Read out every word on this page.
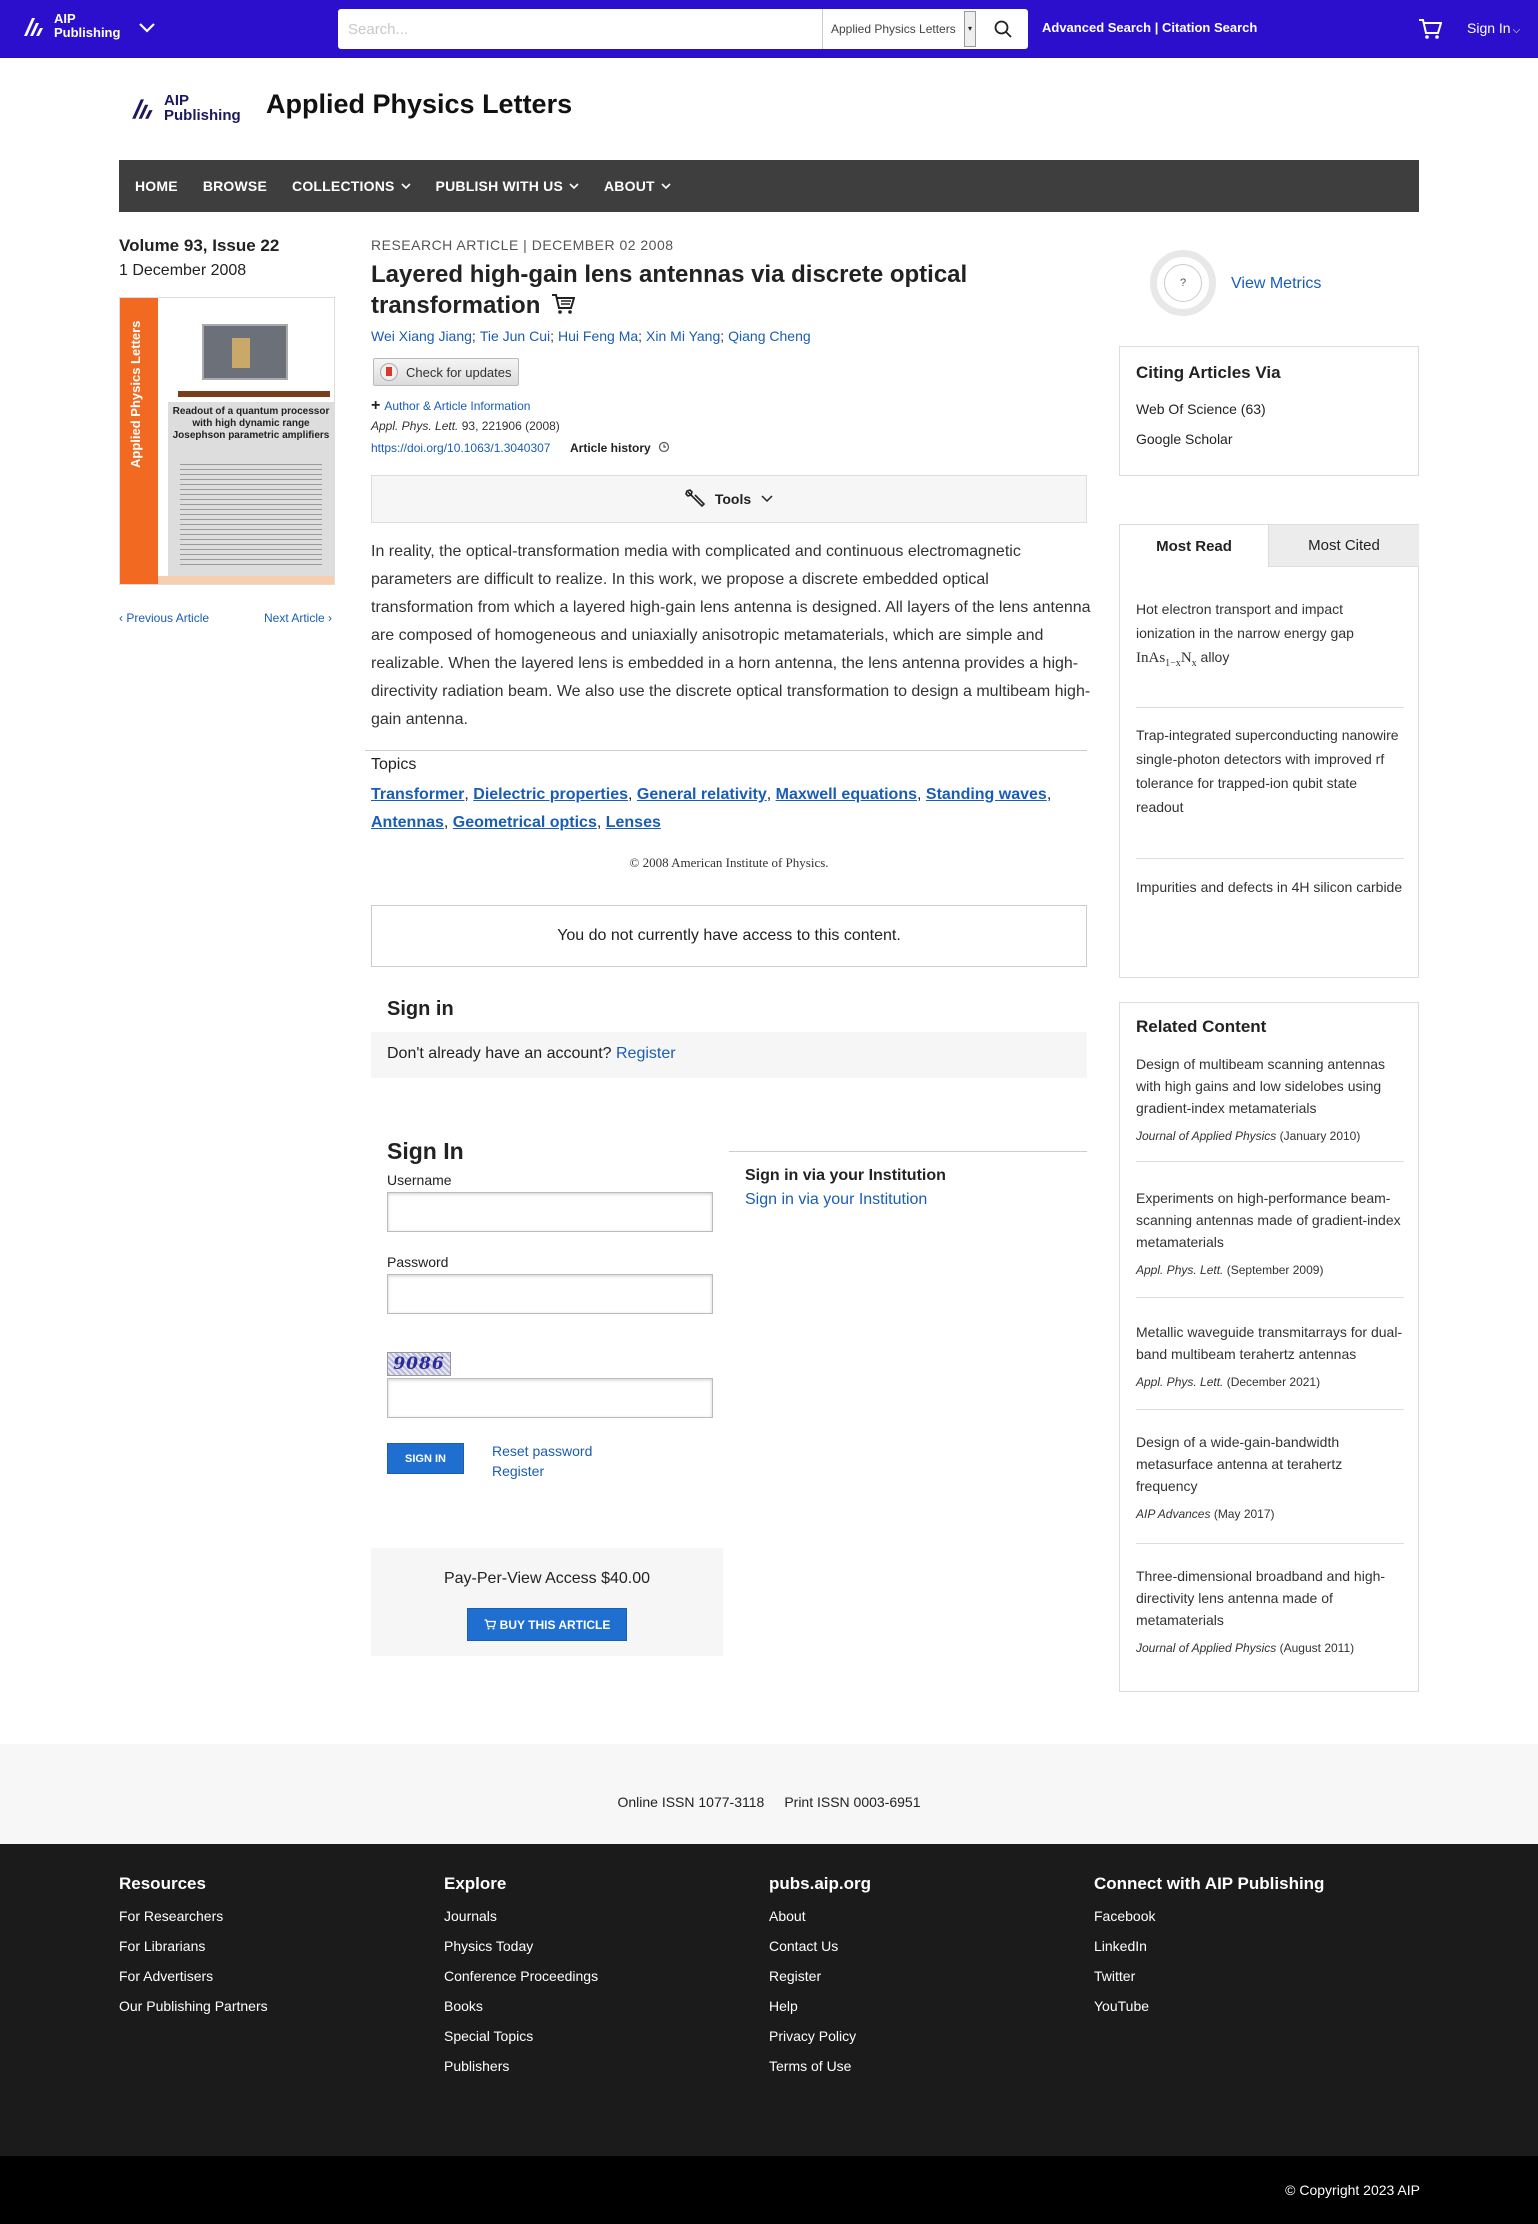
AIP
Publishing
Search...	Applied Physics Letters	▾	Advanced Search | Citation Search	Sign In ⌵
AIP
Publishing Applied Physics Letters
HOME BROWSE COLLECTIONS	PUBLISH WITH US	ABOUT
Volume 93, Issue 22
1 December 2008
Applied Physics Letters	Readout of a quantum processor with high dynamic range Josephson parametric amplifiers
‹ Previous Article	Next Article ›
RESEARCH ARTICLE | DECEMBER 02 2008
Layered high-gain lens antennas via discrete optical transformation
Wei Xiang Jiang; Tie Jun Cui; Hui Feng Ma; Xin Mi Yang; Qiang Cheng
Check for updates
+ Author & Article Information
Appl. Phys. Lett. 93, 221906 (2008)
https://doi.org/10.1063/1.3040307 Article history
Tools
In reality, the optical-transformation media with complicated and continuous electromagnetic parameters are difficult to realize. In this work, we propose a discrete embedded optical transformation from which a layered high-gain lens antenna is designed. All layers of the lens antenna are composed of homogeneous and uniaxially anisotropic metamaterials, which are simple and realizable. When the layered lens is embedded in a horn antenna, the lens antenna provides a high-directivity radiation beam. We also use the discrete optical transformation to design a multibeam high-gain antenna.
Topics
Transformer, Dielectric properties, General relativity, Maxwell equations, Standing waves,
Antennas, Geometrical optics, Lenses
© 2008 American Institute of Physics.
You do not currently have access to this content.
Sign in
Don't already have an account? Register
Sign In
Username
Password
9086
SIGN IN	Reset password
Register
Sign in via your Institution
Sign in via your Institution
Pay-Per-View Access $40.00
BUY THIS ARTICLE
?	View Metrics
Citing Articles Via
Web Of Science (63)
Google Scholar
Most Read	Most Cited
Hot electron transport and impact ionization in the narrow energy gap
$InAs_{1-x}N_x$ alloy
Trap-integrated superconducting nanowire single-photon detectors with improved rf tolerance for trapped-ion qubit state readout
Impurities and defects in 4H silicon carbide
Related Content
Design of multibeam scanning antennas with high gains and low sidelobes using gradient-index metamaterials
Journal of Applied Physics (January 2010)
Experiments on high-performance beam-scanning antennas made of gradient-index metamaterials
Appl. Phys. Lett. (September 2009)
Metallic waveguide transmitarrays for dual-band multibeam terahertz antennas
Appl. Phys. Lett. (December 2021)
Design of a wide-gain-bandwidth metasurface antenna at terahertz frequency
AIP Advances (May 2017)
Three-dimensional broadband and high-directivity lens antenna made of metamaterials
Journal of Applied Physics (August 2011)
Online ISSN 1077-3118 Print ISSN 0003-6951
Resources
For Researchers
For Librarians
For Advertisers
Our Publishing Partners
Explore
Journals
Physics Today
Conference Proceedings
Books
Special Topics
Publishers
pubs.aip.org
About
Contact Us
Register
Help
Privacy Policy
Terms of Use
Connect with AIP Publishing
Facebook
LinkedIn
Twitter
YouTube
© Copyright 2023 AIP
